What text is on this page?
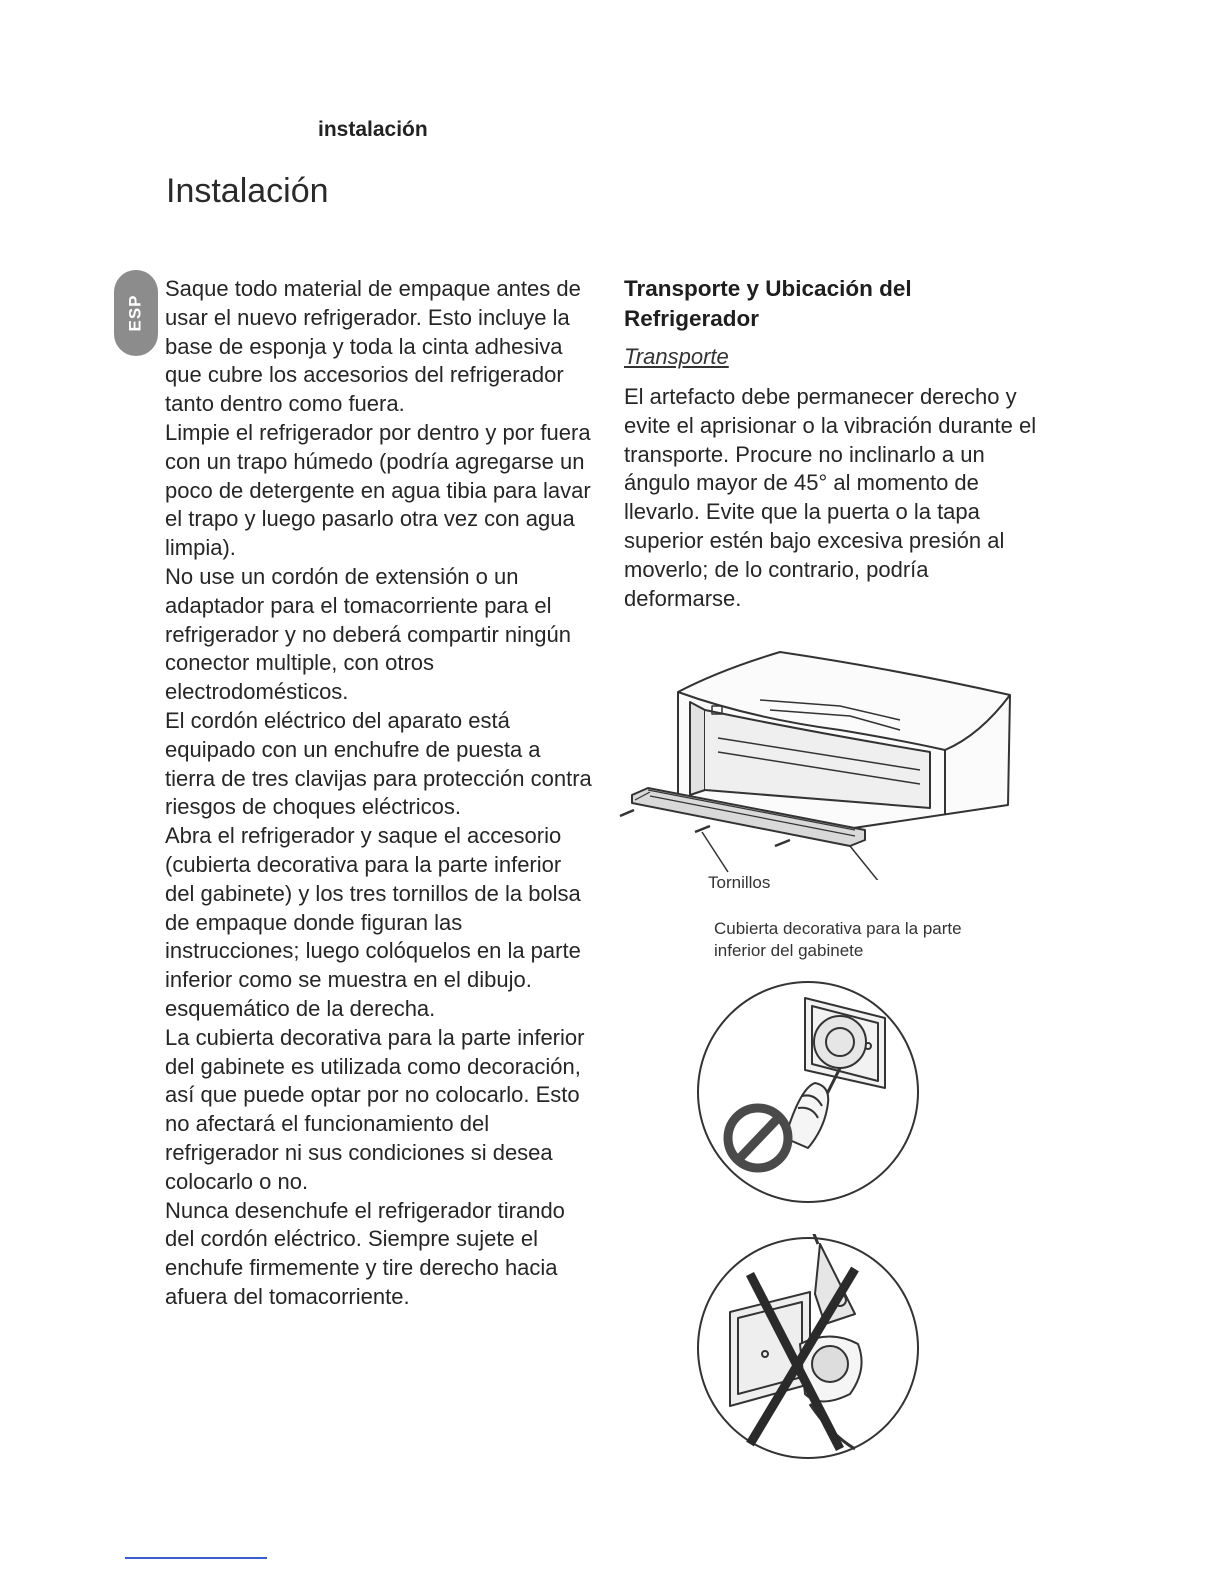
instalación
Instalación
ESP

Saque todo material de empaque antes de usar el nuevo refrigerador. Esto incluye la base de esponja y toda la cinta adhesiva que cubre los accesorios del refrigerador tanto dentro como fuera.

Limpie el refrigerador por dentro y por fuera con un trapo húmedo (podría agregarse un poco de detergente en agua tibia para lavar el trapo y luego pasarlo otra vez con agua limpia).

No use un cordón de extensión o un adaptador para el tomacorriente para el refrigerador y no deberá compartir ningún conector multiple, con otros electrodomésticos.

El cordón eléctrico del aparato está equipado con un enchufre de puesta a tierra de tres clavijas para protección contra riesgos de choques eléctricos.

Abra el refrigerador y saque el accesorio (cubierta decorativa para la parte inferior del gabinete) y los tres tornillos de la bolsa de empaque donde figuran las instrucciones; luego colóquelos en la parte inferior como se muestra en el dibujo. esquemático de la derecha.

La cubierta decorativa para la parte inferior del gabinete es utilizada como decoración, así que puede optar por no colocarlo. Esto no afectará el funcionamiento del refrigerador ni sus condiciones si desea colocarlo o no.

Nunca desenchufe el refrigerador tirando del cordón eléctrico. Siempre sujete el enchufe firmemente y tire derecho hacia afuera del tomacorriente.

Transporte y Ubicación del Refrigerador
Transporte

El artefacto debe permanecer derecho y evite el aprisionar o la vibración durante el transporte. Procure no inclinarlo a un ángulo mayor de 45° al momento de llevarlo. Evite que la puerta o la tapa superior estén bajo excesiva presión al moverlo; de lo contrario, podría deformarse.

Tornillos
Cubierta decorativa para la parte
inferior del gabinete
